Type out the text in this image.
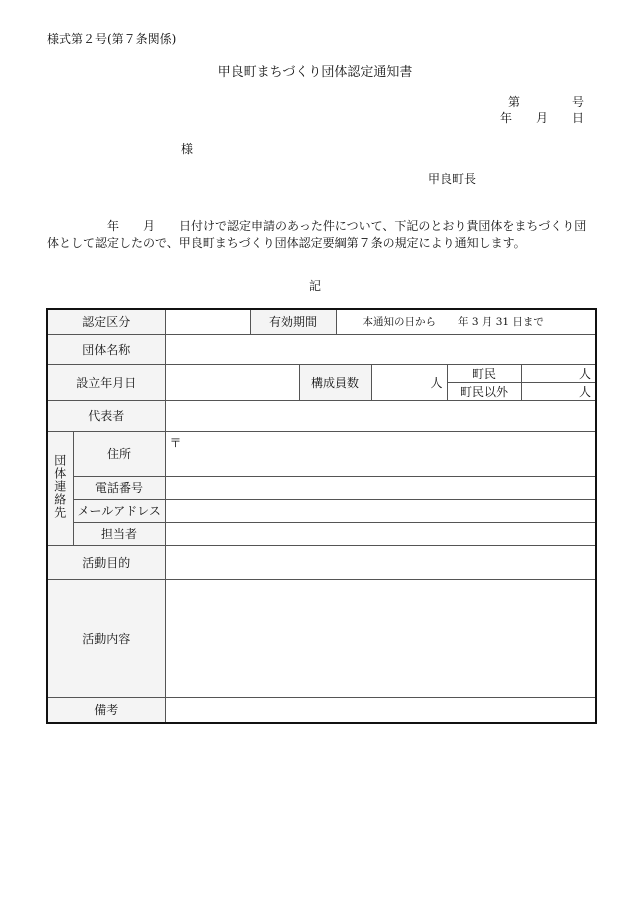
様式第２号(第７条関係)
甲良町まちづくり団体認定通知書
第	号
年 月 日
様
甲良町長
年　　月　　日付けで認定申請のあった件について、下記のとおり貴団体をまちづくり団体として認定したので、甲良町まちづくり団体認定要綱第７条の規定により通知します。
記
認定区分			有効期間		本通知の日から 年 3 月 31 日まで			
団体名称								
設立年月日				構成員数		人	町民	人
							町民以外	人
代表者								
団体連絡先	住所	〒						
	電話番号							
	メールアドレス							
	担当者							
活動目的								
活動内容								
備考								
